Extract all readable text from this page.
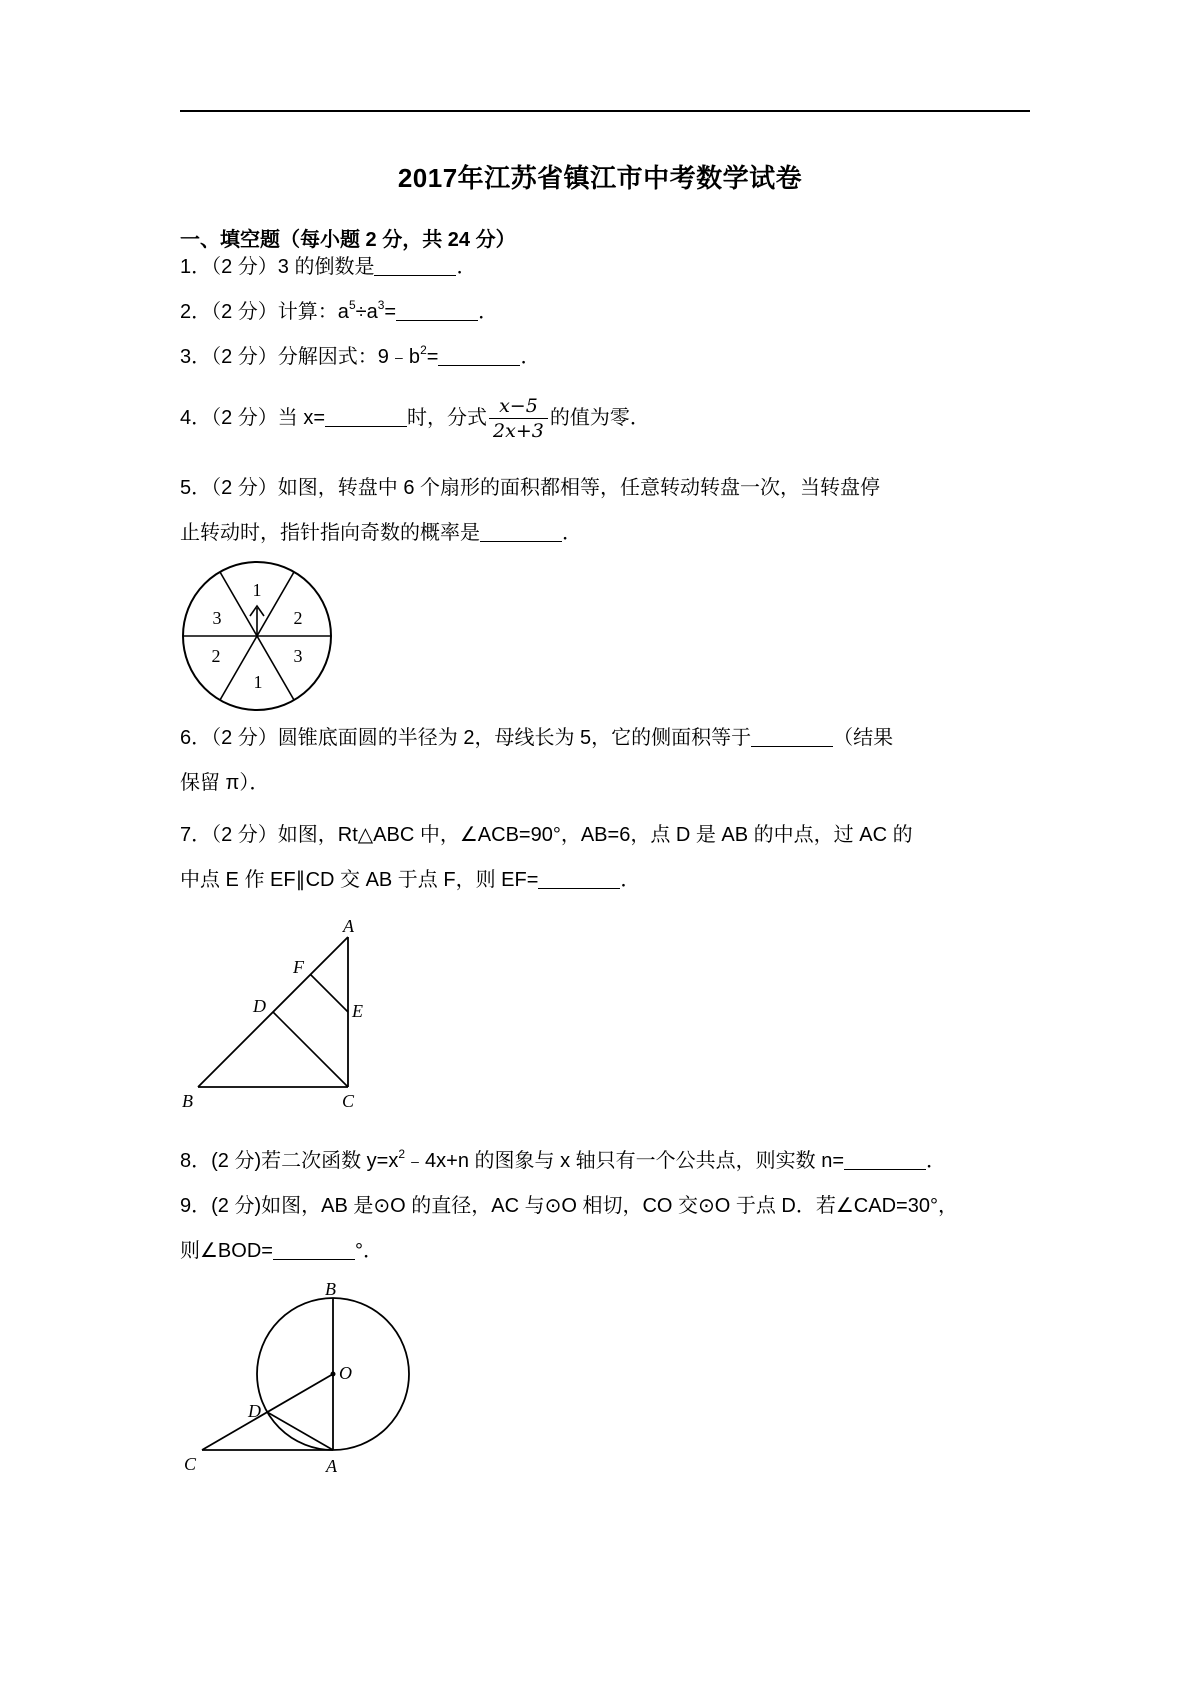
2017年江苏省镇江市中考数学试卷
一、填空题（每小题 2 分，共 24 分）
1．（2 分）3 的倒数是	．
2．（2 分）计算：$a^5\div a^3=$	．
3．（2 分）分解因式：$9﹣b^2=$	．
4．（2 分）当 x=	时，分式 $\frac{x-5}{2x+3}$ 的值为零．
5．（2 分）如图，转盘中 6 个扇形的面积都相等，任意转动转盘一次，当转盘停
止转动时，指针指向奇数的概率是	．
1
2
3
1
2
3
6．（2 分）圆锥底面圆的半径为 2，母线长为 5，它的侧面积等于	（结果
保留 π）．
7．（2 分）如图，Rt△ABC 中，∠ACB=90°，AB=6，点 D 是 AB 的中点，过 AC 的
中点 E 作 EF∥CD 交 AB 于点 F，则 EF=	．
A
B	C
D	E
F
8．(2 分)若二次函数 $y=x^2﹣4x+n$ 的图象与 x 轴只有一个公共点，则实数 n=	．
9．(2 分)如图，AB 是⊙O 的直径，AC 与⊙O 相切，CO 交⊙O 于点 D．若∠CAD=30°，
则∠BOD=	°．
B
O
D
C	A
